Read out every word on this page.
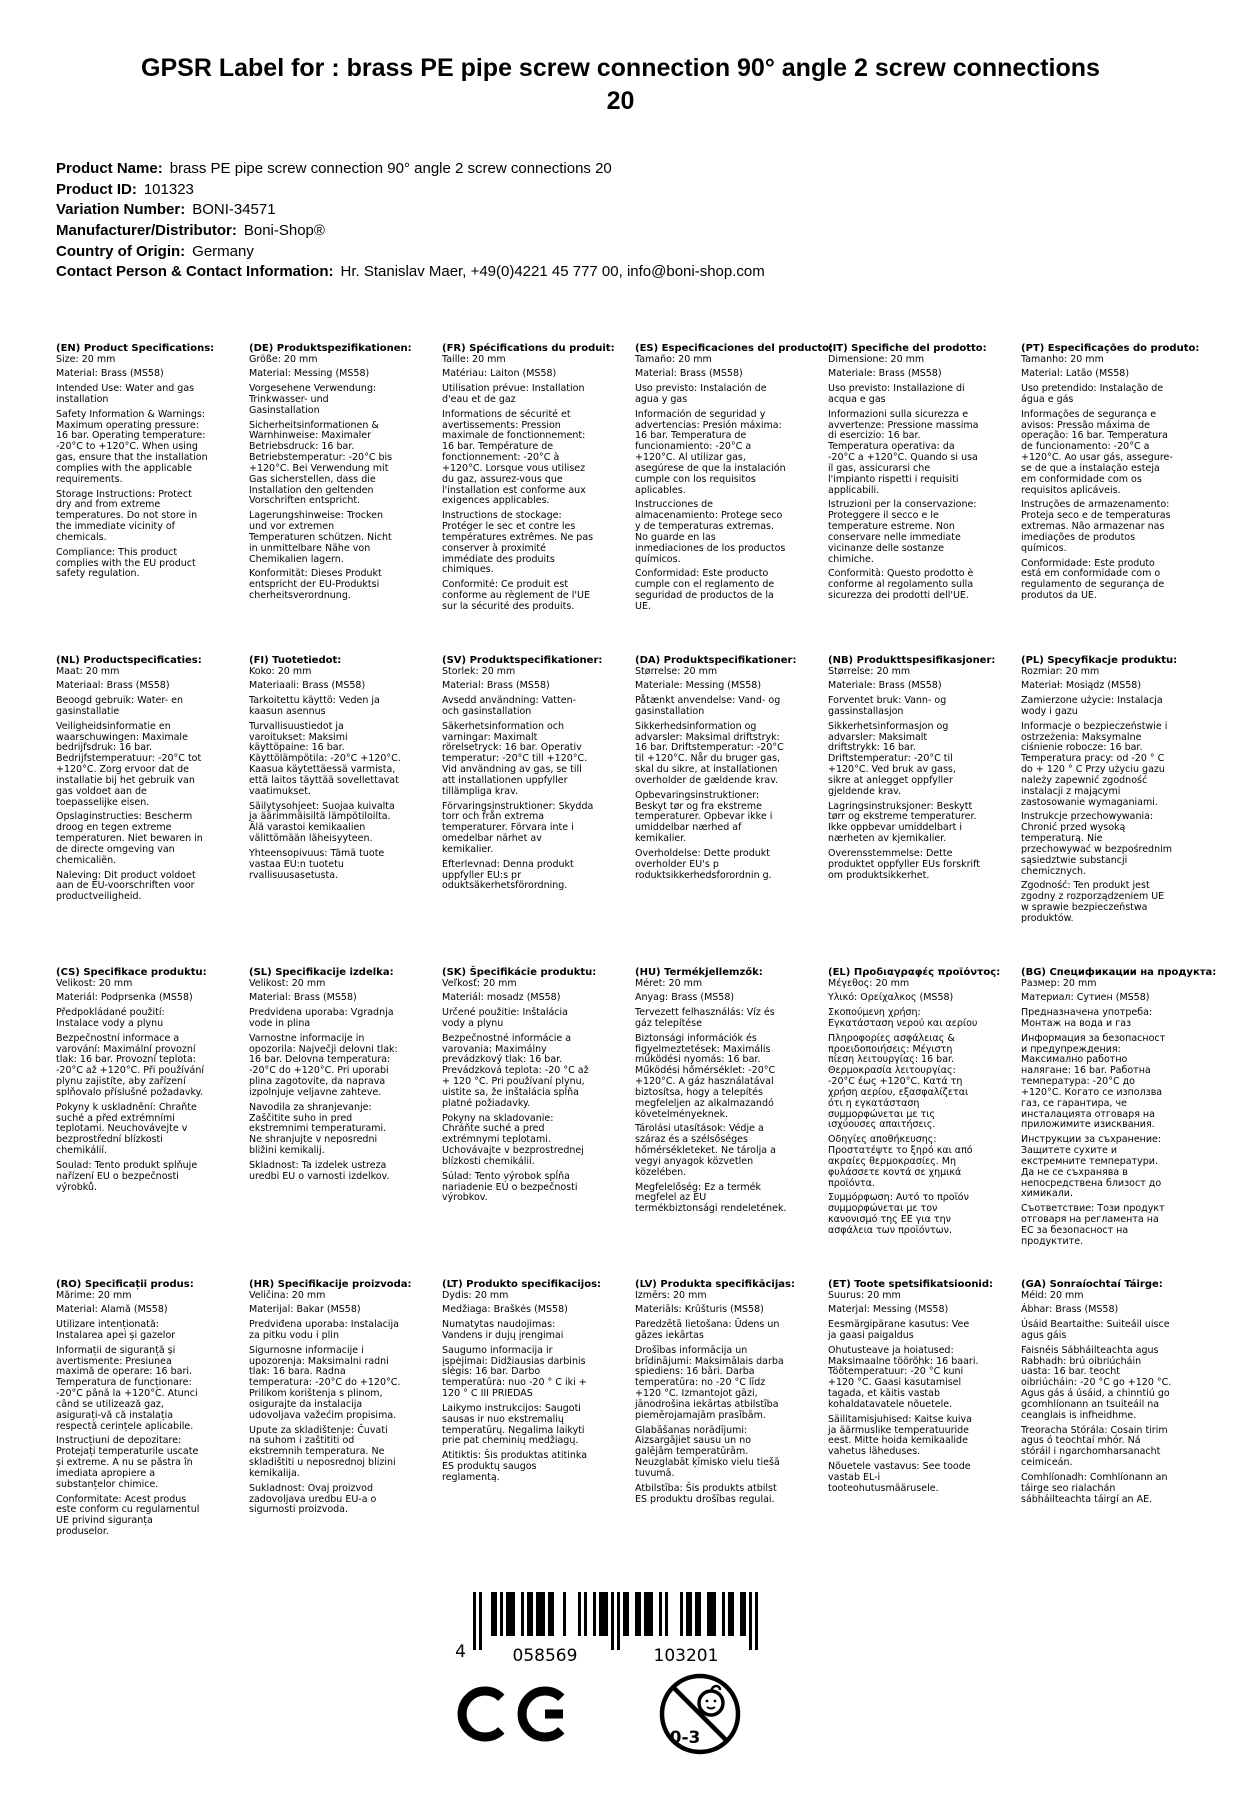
GPSR Label for : brass PE pipe screw connection 90° angle 2 screw connections 20
Product Name: brass PE pipe screw connection 90° angle 2 screw connections 20
Product ID: 101323
Variation Number: BONI-34571
Manufacturer/Distributor: Boni-Shop®
Country of Origin: Germany
Contact Person & Contact Information: Hr. Stanislav Maer, +49(0)4221 45 777 00, info@boni-shop.com
(EN) Product Specifications:

Size: 20 mm

Material: Brass (MS58)

Intended Use: Water and gas installation

Safety Information & Warnings: Maximum operating pressure: 16 bar. Operating temperature: -20°C to +120°C. When using gas, ensure that the installation complies with the applicable requirements.

Storage Instructions: Protect dry and from extreme temperatures. Do not store in the immediate vicinity of chemicals.

Compliance: This product complies with the EU product safety regulation.

(DE) Produktspezifikationen:

Größe: 20 mm

Material: Messing (MS58)

Vorgesehene Verwendung: Trinkwasser- und Gasinstallation

Sicherheitsinformationen & Warnhinweise: Maximaler Betriebsdruck: 16 bar. Betriebstemperatur: -20°C bis +120°C. Bei Verwendung mit Gas sicherstellen, dass die Installation den geltenden Vorschriften entspricht.

Lagerungshinweise: Trocken und vor extremen Temperaturen schützen. Nicht in unmittelbare Nähe von Chemikalien lagern.

Konformität: Dieses Produkt entspricht der EU-Produktsi cherheitsverordnung.

(FR) Spécifications du produit:

Taille: 20 mm

Matériau: Laiton (MS58)

Utilisation prévue: Installation d'eau et de gaz

Informations de sécurité et avertissements: Pression maximale de fonctionnement: 16 bar. Température de fonctionnement: -20°C à +120°C. Lorsque vous utilisez du gaz, assurez-vous que l'installation est conforme aux exigences applicables.

Instructions de stockage: Protéger le sec et contre les températures extrêmes. Ne pas conserver à proximité immédiate des produits chimiques.

Conformité: Ce produit est conforme au règlement de l'UE sur la sécurité des produits.

(ES) Especificaciones del producto:

Tamaño: 20 mm

Material: Brass (MS58)

Uso previsto: Instalación de agua y gas

Información de seguridad y advertencias: Presión máxima: 16 bar. Temperatura de funcionamiento: -20°C a +120°C. Al utilizar gas, asegúrese de que la instalación cumple con los requisitos aplicables.

Instrucciones de almacenamiento: Protege seco y de temperaturas extremas. No guarde en las inmediaciones de los productos químicos.

Conformidad: Este producto cumple con el reglamento de seguridad de productos de la UE.

(IT) Specifiche del prodotto:

Dimensione: 20 mm

Materiale: Brass (MS58)

Uso previsto: Installazione di acqua e gas

Informazioni sulla sicurezza e avvertenze: Pressione massima di esercizio: 16 bar. Temperatura operativa: da -20°C a +120°C. Quando si usa il gas, assicurarsi che l'impianto rispetti i requisiti applicabili.

Istruzioni per la conservazione: Proteggere il secco e le temperature estreme. Non conservare nelle immediate vicinanze delle sostanze chimiche.

Conformità: Questo prodotto è conforme al regolamento sulla sicurezza dei prodotti dell'UE.

(PT) Especificações do produto:

Tamanho: 20 mm

Material: Latão (MS58)

Uso pretendido: Instalação de água e gás

Informações de segurança e avisos: Pressão máxima de operação: 16 bar. Temperatura de funcionamento: -20°C a +120°C. Ao usar gás, assegure-se de que a instalação esteja em conformidade com os requisitos aplicáveis.

Instruções de armazenamento: Proteja seco e de temperaturas extremas. Não armazenar nas imediações de produtos químicos.

Conformidade: Este produto está em conformidade com o regulamento de segurança de produtos da UE.

(NL) Productspecificaties:

Maat: 20 mm

Materiaal: Brass (MS58)

Beoogd gebruik: Water- en gasinstallatie

Veiligheidsinformatie en waarschuwingen: Maximale bedrijfsdruk: 16 bar. Bedrijfstemperatuur: -20°C tot +120°C. Zorg ervoor dat de installatie bij het gebruik van gas voldoet aan de toepasselijke eisen.

Opslaginstructies: Bescherm droog en tegen extreme temperaturen. Niet bewaren in de directe omgeving van chemicaliën.

Naleving: Dit product voldoet aan de EU-voorschriften voor productveiligheid.

(FI) Tuotetiedot:

Koko: 20 mm

Materiaali: Brass (MS58)

Tarkoitettu käyttö: Veden ja kaasun asennus

Turvallisuustiedot ja varoitukset: Maksimi käyttöpaine: 16 bar. Käyttölämpötila: -20°C +120°C. Kaasua käytettäessä varmista, että laitos täyttää sovellettavat vaatimukset.

Säilytysohjeet: Suojaa kuivalta ja äärimmäisiltä lämpötiloilta. Älä varastoi kemikaalien välittömään läheisyyteen.

Yhteensopivuus: Tämä tuote vastaa EU:n tuotetu rvallisuusasetusta.

(SV) Produktspecifikationer:

Storlek: 20 mm

Material: Brass (MS58)

Avsedd användning: Vatten- och gasinstallation

Säkerhetsinformation och varningar: Maximalt rörelsetryck: 16 bar. Operativ temperatur: -20°C till +120°C. Vid användning av gas, se till att installationen uppfyller tillämpliga krav.

Förvaringsinstruktioner: Skydda torr och från extrema temperaturer. Förvara inte i omedelbar närhet av kemikalier.

Efterlevnad: Denna produkt uppfyller EU:s pr oduktsäkerhetsförordning.

(DA) Produktspecifikationer:

Størrelse: 20 mm

Materiale: Messing (MS58)

Påtænkt anvendelse: Vand- og gasinstallation

Sikkerhedsinformation og advarsler: Maksimal driftstryk: 16 bar. Driftstemperatur: -20°C til +120°C. Når du bruger gas, skal du sikre, at installationen overholder de gældende krav.

Opbevaringsinstruktioner: Beskyt tør og fra ekstreme temperaturer. Opbevar ikke i umiddelbar nærhed af kemikalier.

Overholdelse: Dette produkt overholder EU's p roduktsikkerhedsforordnin g.

(NB) Produkttspesifikasjoner:

Størrelse: 20 mm

Materiale: Brass (MS58)

Forventet bruk: Vann- og gassinstallasjon

Sikkerhetsinformasjon og advarsler: Maksimalt driftstrykk: 16 bar. Driftstemperatur: -20°C til +120°C. Ved bruk av gass, sikre at anlegget oppfyller gjeldende krav.

Lagringsinstruksjoner: Beskytt tørr og ekstreme temperaturer. Ikke oppbevar umiddelbart i nærheten av kjemikalier.

Overensstemmelse: Dette produktet oppfyller EUs forskrift om produktsikkerhet.

(PL) Specyfikacje produktu:

Rozmiar: 20 mm

Materiał: Mosiądz (MS58)

Zamierzone użycie: Instalacja wody i gazu

Informacje o bezpieczeństwie i ostrzeżenia: Maksymalne ciśnienie robocze: 16 bar. Temperatura pracy: od -20 ° C do + 120 ° C Przy użyciu gazu należy zapewnić zgodność instalacji z mającymi zastosowanie wymaganiami.

Instrukcje przechowywania: Chronić przed wysoką temperaturą. Nie przechowywać w bezpośrednim sąsiedztwie substancji chemicznych.

Zgodność: Ten produkt jest zgodny z rozporządzeniem UE w sprawie bezpieczeństwa produktów.

(CS) Specifikace produktu:

Velikost: 20 mm

Materiál: Podprsenka (MS58)

Předpokládané použití: Instalace vody a plynu

Bezpečnostní informace a varování: Maximální provozní tlak: 16 bar. Provozní teplota: -20°C až +120°C. Při používání plynu zajistíte, aby zařízení splňovalo příslušné požadavky.

Pokyny k uskladnění: Chraňte suché a před extrémními teplotami. Neuchovávejte v bezprostřední blízkosti chemikálií.

Soulad: Tento produkt splňuje nařízení EU o bezpečnosti výrobků.

(SL) Specifikacije izdelka:

Velikost: 20 mm

Material: Brass (MS58)

Predvidena uporaba: Vgradnja vode in plina

Varnostne informacije in opozorila: Največji delovni tlak: 16 bar. Delovna temperatura: -20°C do +120°C. Pri uporabi plina zagotovite, da naprava izpolnjuje veljavne zahteve.

Navodila za shranjevanje: Zaščitite suho in pred ekstremnimi temperaturami. Ne shranjujte v neposredni bližini kemikalij.

Skladnost: Ta izdelek ustreza uredbi EU o varnosti izdelkov.

(SK) Špecifikácie produktu:

Veľkosť: 20 mm

Materiál: mosadz (MS58)

Určené použitie: Inštalácia vody a plynu

Bezpečnostné informácie a varovania: Maximálny prevádzkový tlak: 16 bar. Prevádzková teplota: -20 °C až + 120 °C. Pri používaní plynu, uistite sa, že inštalácia spĺňa platné požiadavky.

Pokyny na skladovanie: Chráňte suché a pred extrémnymi teplotami. Uchovávajte v bezprostrednej blízkosti chemikálií.

Súlad: Tento výrobok spĺňa nariadenie EÚ o bezpečnosti výrobkov.

(HU) Termékjellemzők:

Méret: 20 mm

Anyag: Brass (MS58)

Tervezett felhasználás: Víz és gáz telepítése

Biztonsági információk és figyelmeztetések: Maximális működési nyomás: 16 bar. Működési hőmérséklet: -20°C +120°C. A gáz használatával biztosítsa, hogy a telepítés megfeleljen az alkalmazandó követelményeknek.

Tárolási utasítások: Védje a száraz és a szélsőséges hőmérsékleteket. Ne tárolja a vegyi anyagok közvetlen közelében.

Megfelelőség: Ez a termék megfelel az EU termékbiztonsági rendeletének.

(EL) Προδιαγραφές προϊόντος:

Μέγεθος: 20 mm

Υλικό: Ορείχαλκος (MS58)

Σκοπούμενη χρήση: Εγκατάσταση νερού και αερίου

Πληροφορίες ασφάλειας & προειδοποιήσεις: Μέγιστη πίεση λειτουργίας: 16 bar. Θερμοκρασία λειτουργίας: -20°C έως +120°C. Κατά τη χρήση αερίου, εξασφαλίζεται ότι η εγκατάσταση συμμορφώνεται με τις ισχύουσες απαιτήσεις.

Οδηγίες αποθήκευσης: Προστατέψτε το ξηρό και από ακραίες θερμοκρασίες. Μη φυλάσσετε κοντά σε χημικά προϊόντα.

Συμμόρφωση: Αυτό το προϊόν συμμορφώνεται με τον κανονισμό της ΕΕ για την ασφάλεια των προϊόντων.

(BG) Спецификации на продукта:

Размер: 20 mm

Материал: Сутиен (MS58)

Предназначена употреба: Монтаж на вода и газ

Информация за безопасност и предупреждения: Максимално работно налягане: 16 bar. Работна температура: -20°C до +120°C. Когато се използва газ, се гарантира, че инсталацията отговаря на приложимите изисквания.

Инструкции за съхранение: Защитете сухите и екстремните температури. Да не се съхранява в непосредствена близост до химикали.

Съответствие: Този продукт отговаря на регламента на ЕС за безопасност на продуктите.

(RO) Specificații produs:

Mărime: 20 mm

Material: Alamă (MS58)

Utilizare intenționată: Instalarea apei și gazelor

Informații de siguranță și avertismente: Presiunea maximă de operare: 16 bari. Temperatura de funcționare: -20°C până la +120°C. Atunci când se utilizează gaz, asigurați-vă că instalația respectă cerințele aplicabile.

Instrucțiuni de depozitare: Protejați temperaturile uscate și extreme. A nu se păstra în imediata apropiere a substanțelor chimice.

Conformitate: Acest produs este conform cu regulamentul UE privind siguranța produselor.

(HR) Specifikacije proizvoda:

Veličina: 20 mm

Materijal: Bakar (MS58)

Predviđena uporaba: Instalacija za pitku vodu i plin

Sigurnosne informacije i upozorenja: Maksimalni radni tlak: 16 bara. Radna temperatura: -20°C do +120°C. Prilikom korištenja s plinom, osigurajte da instalacija udovoljava važećim propisima.

Upute za skladištenje: Čuvati na suhom i zaštititi od ekstremnih temperatura. Ne skladištiti u neposrednoj blizini kemikalija.

Sukladnost: Ovaj proizvod zadovoljava uredbu EU-a o sigurnosti proizvoda.

(LT) Produkto specifikacijos:

Dydis: 20 mm

Medžiaga: Braškės (MS58)

Numatytas naudojimas: Vandens ir dujų įrengimai

Saugumo informacija ir įspėjimai: Didžiausias darbinis slėgis: 16 bar. Darbo temperatūra: nuo -20 ° C iki + 120 ° C III PRIEDAS

Laikymo instrukcijos: Saugoti sausas ir nuo ekstremalių temperatūrų. Negalima laikyti prie pat cheminių medžiagų.

Atitiktis: Šis produktas atitinka ES produktų saugos reglamentą.

(LV) Produkta specifikācijas:

Izmērs: 20 mm

Materiāls: Krūšturis (MS58)

Paredzētā lietošana: Ūdens un gāzes iekārtas

Drošības informācija un brīdinājumi: Maksimālais darba spiediens: 16 bāri. Darba temperatūra: no -20 °C līdz +120 °C. Izmantojot gāzi, jānodrošina iekārtas atbilstība piemērojamajām prasībām.

Glabāšanas norādījumi: Aizsargājiet sausu un no galējām temperatūrām. Neuzglabāt ķīmisko vielu tiešā tuvumā.

Atbilstība: Šis produkts atbilst ES produktu drošības regulai.

(ET) Toote spetsifikatsioonid:

Suurus: 20 mm

Materjal: Messing (MS58)

Eesmärgipärane kasutus: Vee ja gaasi paigaldus

Ohutusteave ja hoiatused: Maksimaalne töörõhk: 16 baari. Töötemperatuur: -20 °C kuni +120 °C. Gaasi kasutamisel tagada, et käitis vastab kohaldatavatele nõuetele.

Säilitamisjuhised: Kaitse kuiva ja äärmuslike temperatuuride eest. Mitte hoida kemikaalide vahetus läheduses.

Nõuetele vastavus: See toode vastab EL-i tooteohutusmäärusele.

(GA) Sonraíochtaí Táirge:

Méid: 20 mm

Ábhar: Brass (MS58)

Úsáid Beartaithe: Suiteáil uisce agus gáis

Faisnéis Sábháilteachta agus Rabhadh: brú oibriúcháin uasta: 16 bar. teocht oibriúcháin: -20 °C go +120 °C. Agus gás á úsáid, a chinntiú go gcomhlíonann an tsuiteáil na ceanglais is infheidhme.

Treoracha Stórála: Cosain tirim agus ó teochtaí mhór. Ná stóráil i ngarchomharsanacht ceimiceán.

Comhlíonadh: Comhlíonann an táirge seo rialachán sábháilteachta táirgí an AE.

4	058569	103201
0-3
